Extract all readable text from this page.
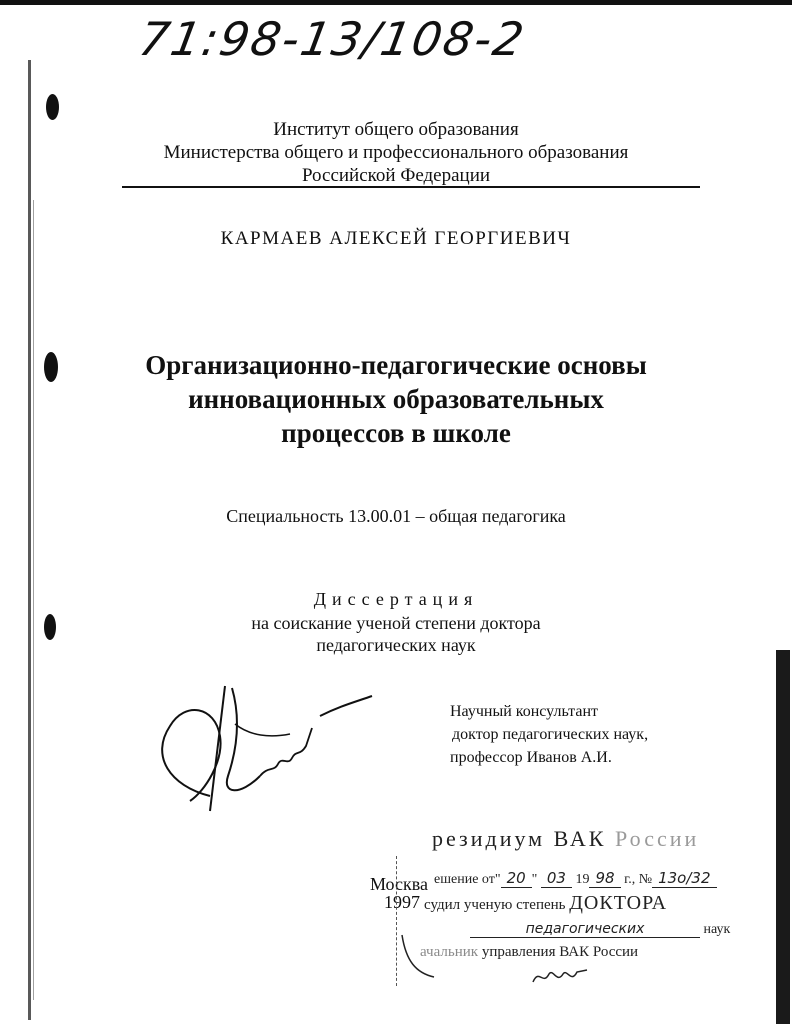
71:98-13/108-2
Институт общего образования
Министерства общего и профессионального образования
Российской Федерации
КАРМАЕВ АЛЕКСЕЙ ГЕОРГИЕВИЧ
Организационно-педагогические основы
инновационных образовательных
процессов в школе
Специальность 13.00.01 – общая педагогика
Диссертация
на соискание ученой степени доктора
педагогических наук
Научный консультант
доктор педагогических наук,
профессор Иванов А.И.
Москва
1997
резидиум ВАК России
ешение от" 20 " 03 19 98 г., № 13о/32
судил ученую степень ДОКТОРА
педагогических	наук
ачальник управления ВАК России
